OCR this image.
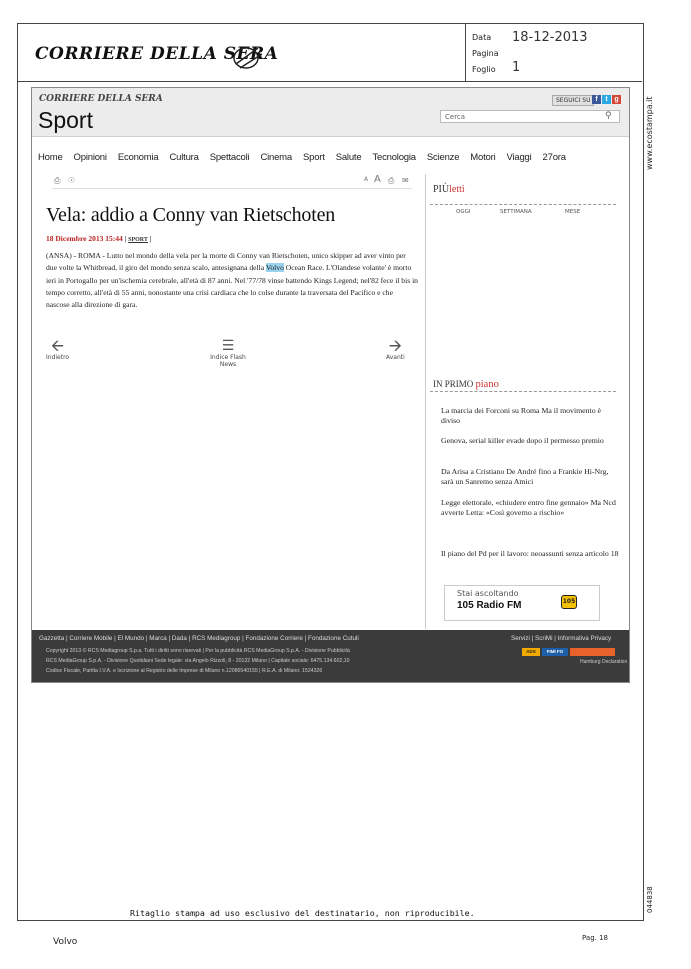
CORRIERE DELLA SERA
Data 18-12-2013
Pagina
Foglio 1
www.ecostampa.it
044838
CORRIERE DELLA SERA
Sport
SEGUICI SU f	t g
Cerca	⚲
Home Opinioni Economia Cultura Spettacoli Cinema Sport Salute Tecnologia Scienze Motori Viaggi 27ora
⎙ ☉	A A ⎙ ✉
Vela: addio a Conny van Rietschoten
18 Dicembre 2013 15:44 | SPORT |
(ANSA) - ROMA - Lutto nel mondo della vela per la morte di Conny van Rietschoten, unico skipper ad aver vinto per due volte la Whitbread, il giro del mondo senza scalo, antesignana della Volvo Ocean Race. L'Olandese volante' è morto ieri in Portogallo per un'ischemia cerebrale, all'età di 87 anni. Nel '77/78 vinse battendo Kings Legend; nel'82 fece il bis in tempo corretto, all'età di 55 anni, nonostante una crisi cardiaca che lo colse durante la traversata del Pacifico e che nascose alla direzione di gara.
🡨
Indietro
☰
Indice Flash News
🡪
Avanti
PIÙletti
OGGI	SETTIMANA	MESE
IN PRIMO piano
La marcia dei Forconi su Roma Ma il movimento è diviso
Genova, serial killer evade dopo il permesso premio
Da Arisa a Cristiano De André fino a Frankie Hi-Nrg, sarà un Sanremo senza Amici
Legge elettorale, «chiudere entro fine gennaio» Ma Ncd avverte Letta: «Così governo a rischio»
Il piano del Pd per il lavoro: neoassunti senza articolo 18
Stai ascoltando
105 Radio FM	105
Gazzetta | Corriere Mobile | El Mundo | Marca | Dada | RCS Mediagroup | Fondazione Corriere | Fondazione Cutuli	Servizi | ScriMi | Informativa Privacy
Copyright 2013 © RCS Mediagroup S.p.a. Tutti i diritti sono riservati | Per la pubblicità RCS MediaGroup S.p.A. - Divisione Pubblicità
RCS MediaGroup S.p.A. - Divisione Quotidiani Sede legale: via Angelo Rizzoli, 8 - 20132 Milano | Capitale sociale: 6475.134.602,10
Codice Fiscale, Partita I.V.A. e Iscrizione al Registro delle Imprese di Milano n.12086540155 | R.E.A. di Milano: 1524326
ADS	FIMI FO
Hamburg Declaration
Ritaglio stampa ad uso esclusivo del destinatario, non riproducibile.
Volvo	Pag. 18
